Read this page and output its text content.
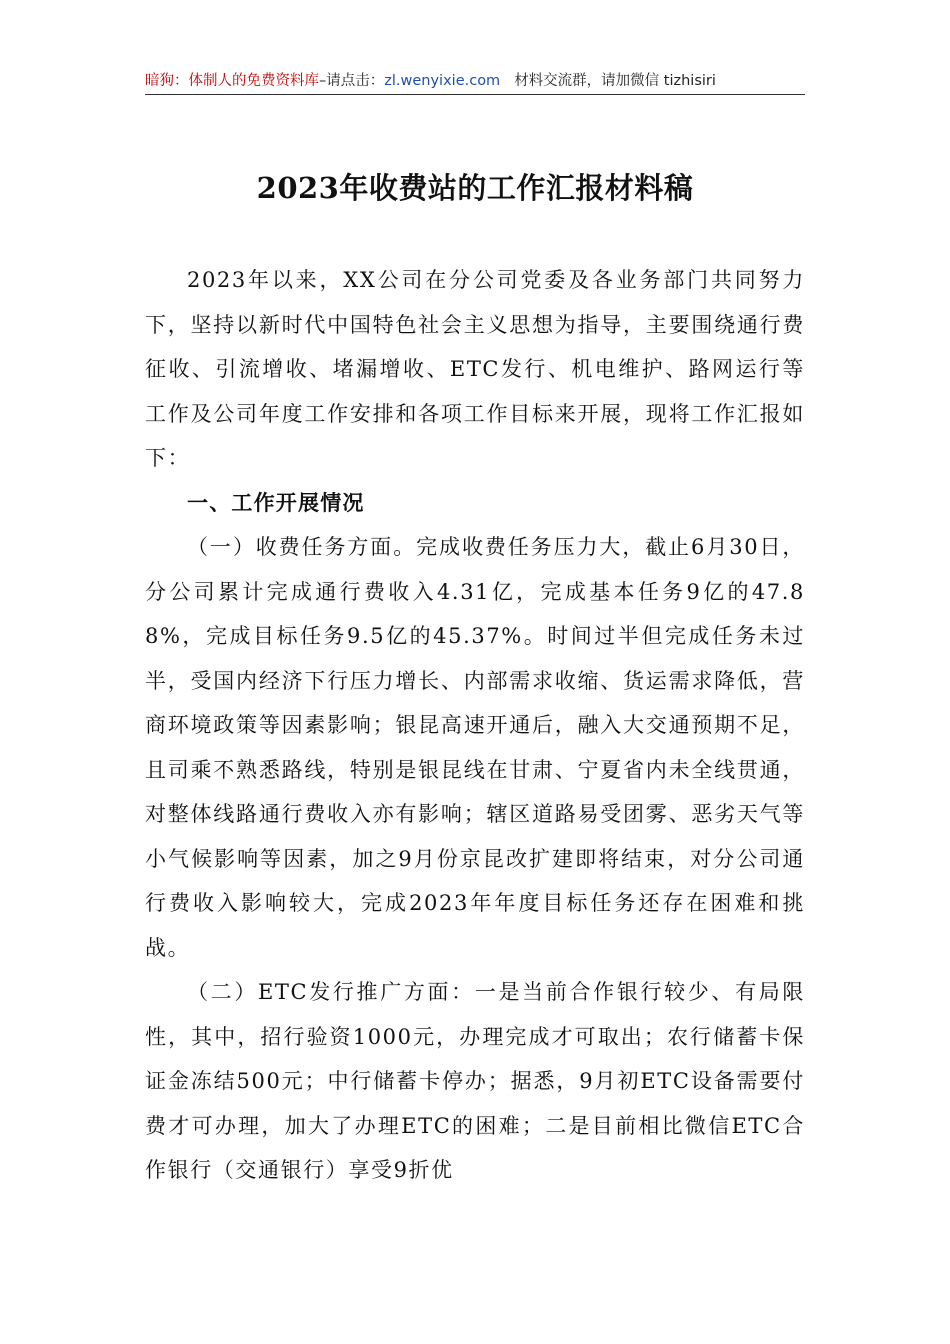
暗狗：体制人的免费资料库–请点击：zl.wenyixie.com 材料交流群，请加微信 tizhisiri
2023年收费站的工作汇报材料稿

2023年以来，XX公司在分公司党委及各业务部门共同努力下，坚持以新时代中国特色社会主义思想为指导，主要围绕通行费征收、引流增收、堵漏增收、ETC发行、机电维护、路网运行等工作及公司年度工作安排和各项工作目标来开展，现将工作汇报如下：

一、工作开展情况

（一）收费任务方面。完成收费任务压力大，截止6月30日，分公司累计完成通行费收入4.31亿，完成基本任务9亿的47.88%，完成目标任务9.5亿的45.37%。时间过半但完成任务未过半，受国内经济下行压力增长、内部需求收缩、货运需求降低，营商环境政策等因素影响；银昆高速开通后，融入大交通预期不足，且司乘不熟悉路线，特别是银昆线在甘肃、宁夏省内未全线贯通，对整体线路通行费收入亦有影响；辖区道路易受团雾、恶劣天气等小气候影响等因素，加之9月份京昆改扩建即将结束，对分公司通行费收入影响较大，完成2023年年度目标任务还存在困难和挑战。

（二）ETC发行推广方面：一是当前合作银行较少、有局限性，其中，招行验资1000元，办理完成才可取出；农行储蓄卡保证金冻结500元；中行储蓄卡停办；据悉，9月初ETC设备需要付费才可办理，加大了办理ETC的困难；二是目前相比微信ETC合作银行（交通银行）享受9折优
